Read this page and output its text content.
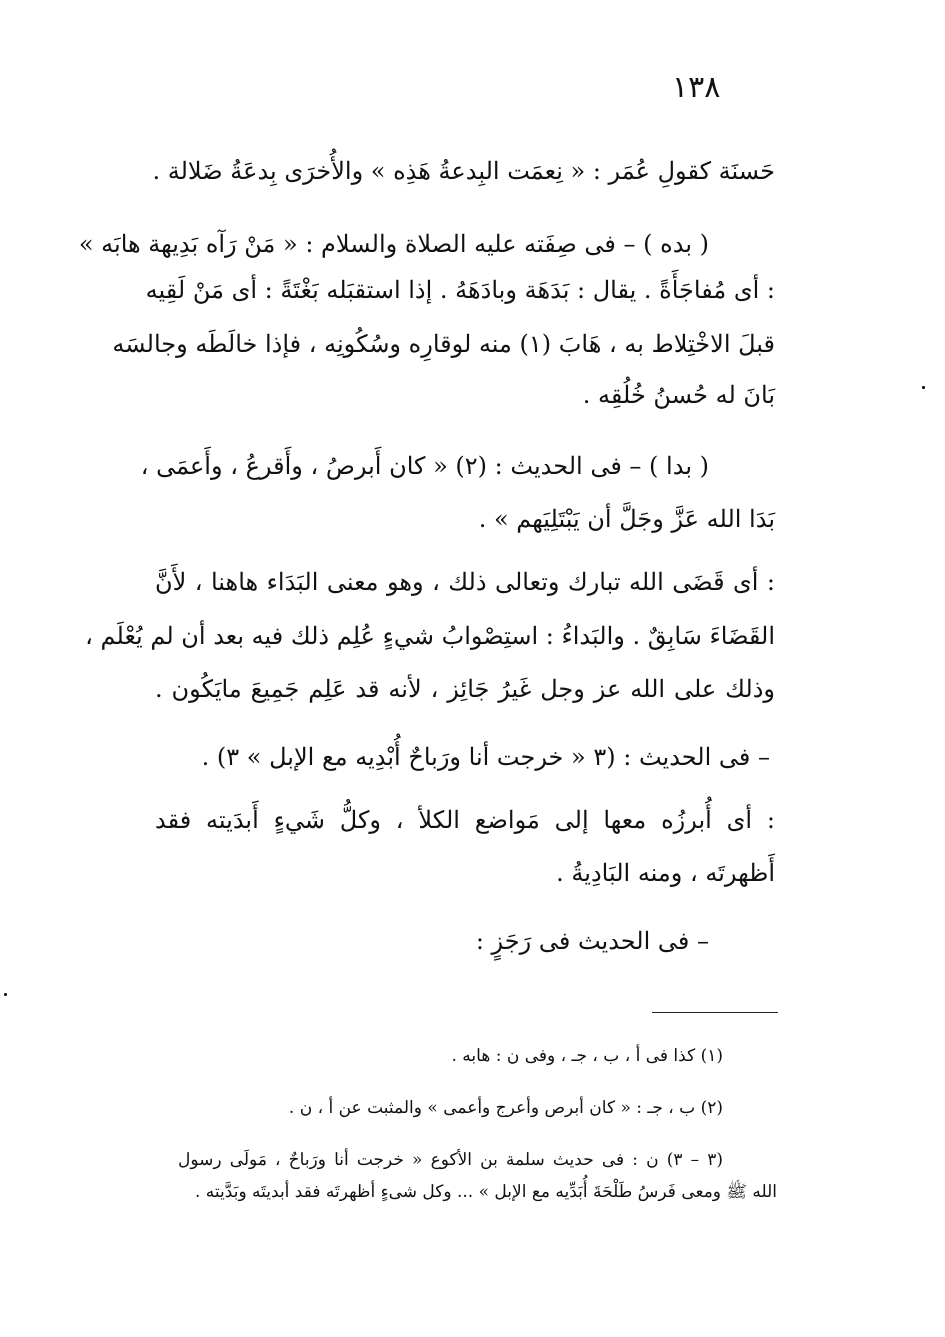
١٣٨
حَسنَة كقولِ عُمَر : « نِعمَت البِدعةُ هَذِه » والأُخرَى بِدعَةُ ضَلالة .
( بده ) – فى صِفَته عليه الصلاة والسلام : « مَنْ رَآه بَدِيهة هابَه »
: أى مُفاجَأَةً . يقال : بَدَهَة وبادَهَهُ . إذا استقبَله بَغْتَةً : أى مَنْ لَقِيه
قبلَ الاخْتِلاط به ، هَابَ (١) منه لوقارِه وسُكُونِه ، فإذا خالَطَه وجالسَه
بَانَ له حُسنُ خُلُقِه .
( بدا ) – فى الحديث : (٢) « كان أَبرصُ ، وأَقرعُ ، وأَعمَى ،
بَدَا الله عَزَّ وجَلَّ أن يَبْتَلِيَهم » .
: أى قَضَى الله تبارك وتعالى ذلك ، وهو معنى البَدَاء هاهنا ، لأَنَّ
القَضَاءَ سَابِقٌ . والبَداءُ : استِصْوابُ شيءٍ عُلِم ذلك فيه بعد أن لم يُعْلَم ،
وذلك على الله عز وجل غَيرُ جَائِز ، لأنه قد عَلِم جَمِيعَ مايَكُون .
– فى الحديث : (٣ « خرجت أنا ورَباحٌ أُبْدِيه مع الإبل » ٣) .
: أى أُبرزُه معها إلى مَواضع الكلأ ، وكلُّ شَيءٍ أَبدَيته فقد
أَظهرتَه ، ومنه البَادِيةُ .
– فى الحديث فى رَجَزٍ :
(١) كذا فى أ ، ب ، جـ ، وفى ن : هابه .
(٢) ب ، جـ : « كان أبرص وأعرج وأعمى » والمثبت عن أ ، ن .
(٣ – ٣) ن : فى حديث سلمة بن الأكوع « خرجت أنا ورَباحٌ ، مَولَى رسول
الله ﷺ ومعى فَرسُ طَلْحَةَ أُبَدِّيه مع الإبل » ... وكل شىءٍ أظهرتَه فقد أبديتَه وبَدَّيته .
